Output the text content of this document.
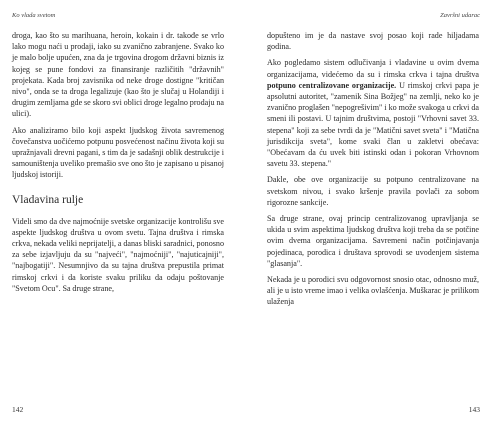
Ko vlada svetom

droga, kao što su marihuana, heroin, kokain i dr. takođe se vrlo lako mogu naći u prodaji, iako su zvanično zabranjene. Svako ko je malo bolje upućen, zna da je trgovina drogom državni biznis iz kojeg se pune fondovi za finansiranje različitih "državnih" projekata. Kada broj zavisnika od neke droge dostigne "kritičan nivo", onda se ta droga legalizuje (kao što je slučaj u Holandiji i drugim zemljama gde se skoro svi oblici droge legalno prodaju na ulici).

Ako analiziramo bilo koji aspekt ljudskog života savremenog čovečanstva uočićemo potpunu posvećenost načinu života koji su upražnjavali drevni pagani, s tim da je sadašnji oblik destrukcije i samouništenja uveliko premašio sve ono što je zapisano u pisanoj ljudskoj istoriji.

Vladavina rulje

Videli smo da dve najmoćnije svetske organizacije kontrolišu sve aspekte ljudskog društva u ovom svetu. Tajna društva i rimska crkva, nekada veliki neprijatelji, a danas bliski saradnici, ponosno za sebe izjavljuju da su "najveći", "najmoćniji", "najuticajniji", "najbogatiji". Nesumnjivo da su tajna društva prepustila primat rimskoj crkvi i da koriste svaku priliku da odaju poštovanje "Svetom Ocu". Sa druge strane,

142
Završni udarac

dopušteno im je da nastave svoj posao koji rade hiljadama godina.

Ako pogledamo sistem odlučivanja i vladavine u ovim dvema organizacijama, videćemo da su i rimska crkva i tajna društva potpuno centralizovane organizacije. U rimskoj crkvi papa je apsolutni autoritet, "zamenik Sina Božjeg" na zemlji, neko ko je zvanično proglašen "nepogrešivim" i ko može svakoga u crkvi da smeni ili postavi. U tajnim društvima, postoji "Vrhovni savet 33. stepena" koji za sebe tvrdi da je "Matični savet sveta" i "Matična jurisdikcija sveta", kome svaki član u zakletvi obećava: "Obećavam da ću uvek biti istinski odan i pokoran Vrhovnom savetu 33. stepena."

Dakle, obe ove organizacije su potpuno centralizovane na svetskom nivou, i svako kršenje pravila povlači za sobom rigorozne sankcije.

Sa druge strane, ovaj princip centralizovanog upravljanja se ukida u svim aspektima ljudskog društva koji treba da se potčine ovim dvema organizacijama. Savremeni način potčinjavanja pojedinaca, porodica i društava sprovodi se uvodenjem sistema "glasanja".

Nekada je u porodici svu odgovornost snosio otac, odnosno muž, ali je u isto vreme imao i velika ovlašćenja. Muškarac je prilikom ulaženja

143
